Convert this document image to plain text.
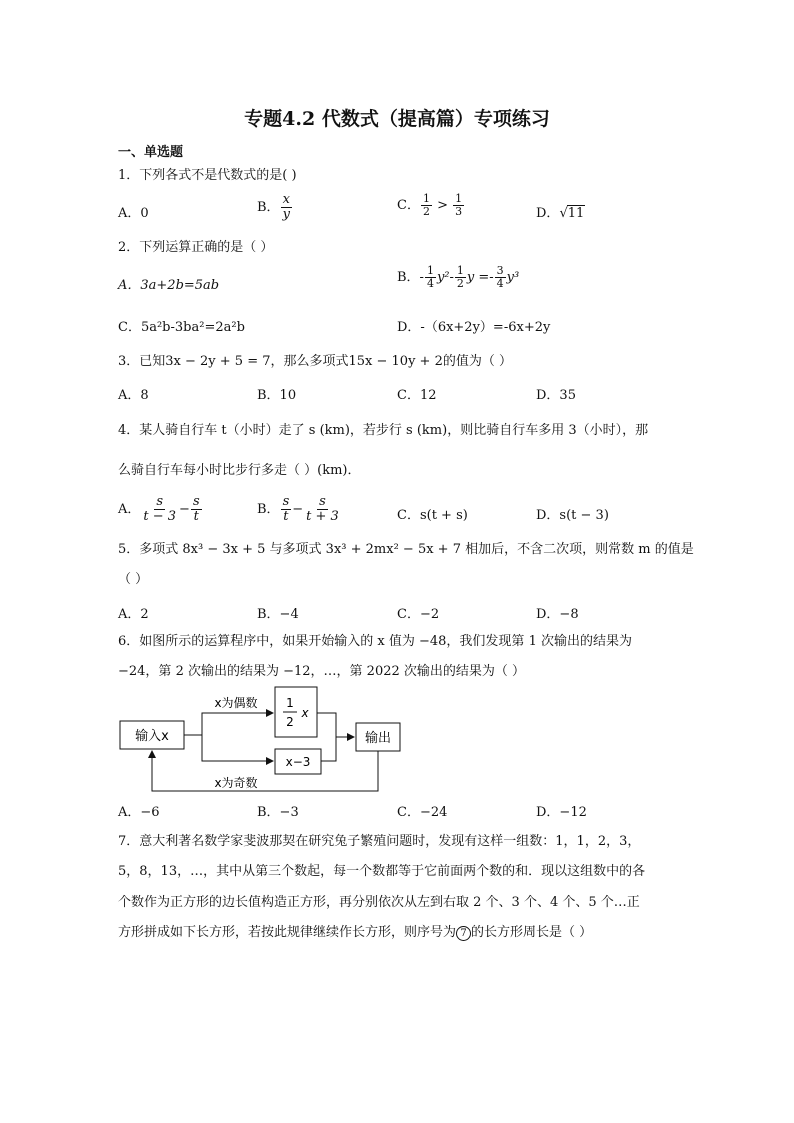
专题4.2 代数式（提高篇）专项练习
一、单选题
1．下列各式不是代数式的是( )
A．0	B． $\frac{x}{y}$	C． $\frac{1}{2} > \frac{1}{3}$	D．√11
2．下列运算正确的是（ ）
A．3a+2b=5ab
B．- $\frac{1}{4} y^2- \frac{1}{2}$ $y =- \frac{3}{4} y^3$
C．5a²b-3ba²=2a²b	D．-（6x+2y）=-6x+2y
3．已知3x − 2y + 5 = 7，那么多项式15x − 10y + 2的值为（ ）
A．8	B．10	C．12	D．35
4．某人骑自行车 t（小时）走了 s (km)，若步行 s (km)，则比骑自行车多用 3（小时），那
么骑自行车每小时比步行多走（ ）(km)．
A． $\frac{s}{t - 3} - \frac{s}{t}$	B． $\frac{s}{t} - \frac{s}{t + 3}$	C．s(t + s)	D．s(t − 3)
5．多项式 8x³ − 3x + 5 与多项式 3x³ + 2mx² − 5x + 7 相加后，不含二次项，则常数 m 的值是
（ ）
A．2	B．−4	C．−2	D．−8
6．如图所示的运算程序中，如果开始输入的 x 值为 −48，我们发现第 1 次输出的结果为
−24，第 2 次输出的结果为 −12，…，第 2022 次输出的结果为（ ）
输入x
1
2
x
x−3
输出
x为偶数
x为奇数
A．−6	B．−3	C．−24	D．−12
7．意大利著名数学家斐波那契在研究兔子繁殖问题时，发现有这样一组数：1，1，2，3，
5，8，13，…，其中从第三个数起，每一个数都等于它前面两个数的和．现以这组数中的各
个数作为正方形的边长值构造正方形，再分别依次从左到右取 2 个、3 个、4 个、5 个…正
方形拼成如下长方形，若按此规律继续作长方形，则序号为 7 的长方形周长是（ ）
